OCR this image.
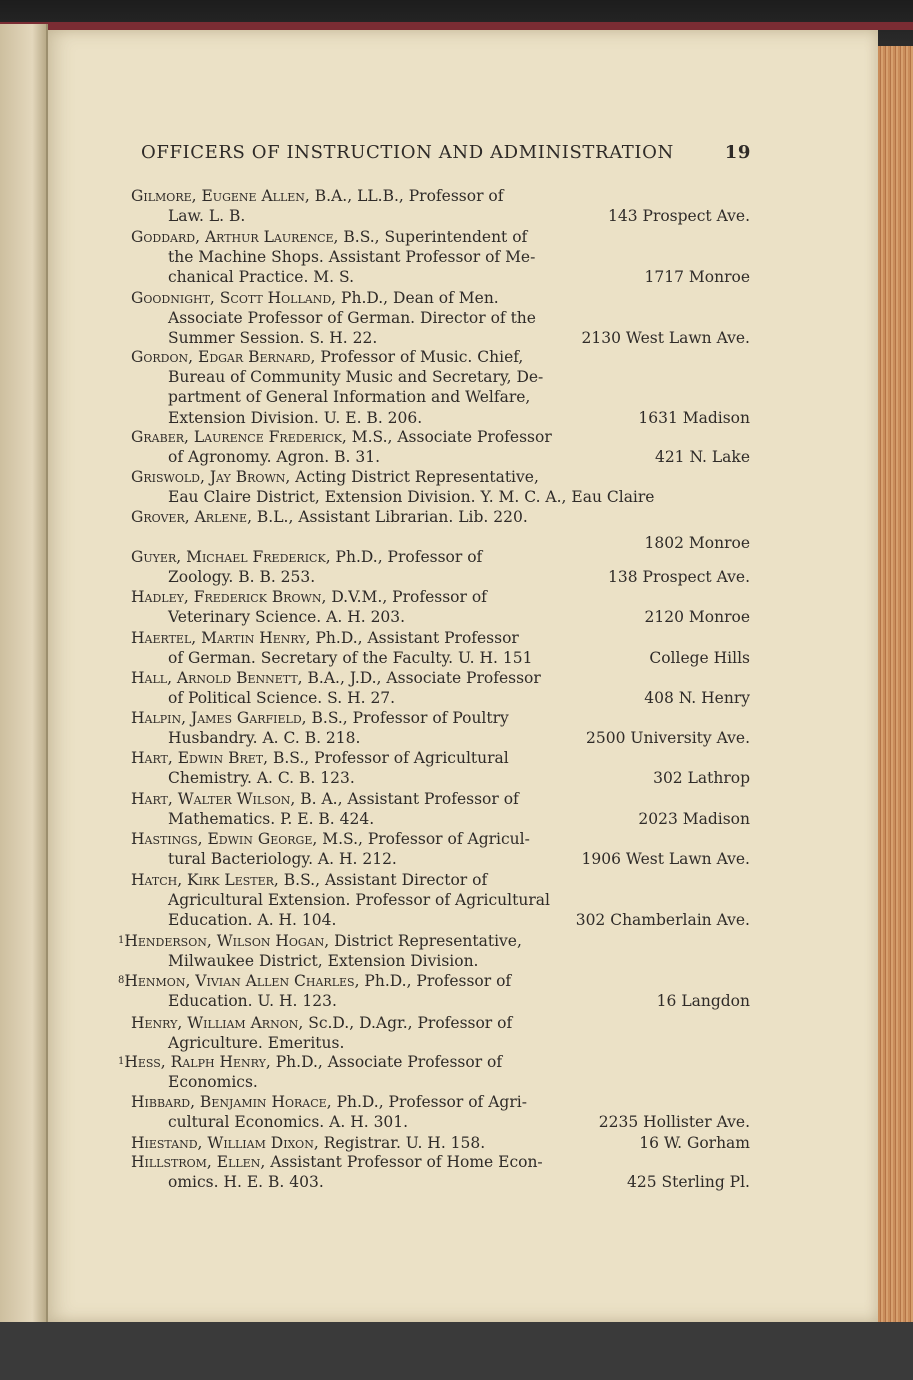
OFFICERS OF INSTRUCTION AND ADMINISTRATION	19
Gilmore, Eugene Allen, B.A., LL.B., Professor of
Law. L. B.	143 Prospect Ave.
Goddard, Arthur Laurence, B.S., Superintendent of
the Machine Shops. Assistant Professor of Me-
chanical Practice. M. S.	1717 Monroe
Goodnight, Scott Holland, Ph.D., Dean of Men.
Associate Professor of German. Director of the
Summer Session. S. H. 22.	2130 West Lawn Ave.
Gordon, Edgar Bernard, Professor of Music. Chief,
Bureau of Community Music and Secretary, De-
partment of General Information and Welfare,
Extension Division. U. E. B. 206.	1631 Madison
Graber, Laurence Frederick, M.S., Associate Professor
of Agronomy. Agron. B. 31.	421 N. Lake
Griswold, Jay Brown, Acting District Representative,
Eau Claire District, Extension Division. Y. M. C. A., Eau Claire
Grover, Arlene, B.L., Assistant Librarian. Lib. 220.
1802 Monroe
Guyer, Michael Frederick, Ph.D., Professor of
Zoology. B. B. 253.	138 Prospect Ave.
Hadley, Frederick Brown, D.V.M., Professor of
Veterinary Science. A. H. 203.	2120 Monroe
Haertel, Martin Henry, Ph.D., Assistant Professor
of German. Secretary of the Faculty. U. H. 151	College Hills
Hall, Arnold Bennett, B.A., J.D., Associate Professor
of Political Science. S. H. 27.	408 N. Henry
Halpin, James Garfield, B.S., Professor of Poultry
Husbandry. A. C. B. 218.	2500 University Ave.
Hart, Edwin Bret, B.S., Professor of Agricultural
Chemistry. A. C. B. 123.	302 Lathrop
Hart, Walter Wilson, B. A., Assistant Professor of
Mathematics. P. E. B. 424.	2023 Madison
Hastings, Edwin George, M.S., Professor of Agricul-
tural Bacteriology. A. H. 212.	1906 West Lawn Ave.
Hatch, Kirk Lester, B.S., Assistant Director of
Agricultural Extension. Professor of Agricultural
Education. A. H. 104.	302 Chamberlain Ave.
$^1$Henderson, Wilson Hogan, District Representative,
Milwaukee District, Extension Division.
$^8$Henmon, Vivian Allen Charles, Ph.D., Professor of
Education. U. H. 123.	16 Langdon
Henry, William Arnon, Sc.D., D.Agr., Professor of
Agriculture. Emeritus.
$^1$Hess, Ralph Henry, Ph.D., Associate Professor of
Economics.
Hibbard, Benjamin Horace, Ph.D., Professor of Agri-
cultural Economics. A. H. 301.	2235 Hollister Ave.
Hiestand, William Dixon, Registrar. U. H. 158.	16 W. Gorham
Hillstrom, Ellen, Assistant Professor of Home Econ-
omics. H. E. B. 403.	425 Sterling Pl.
